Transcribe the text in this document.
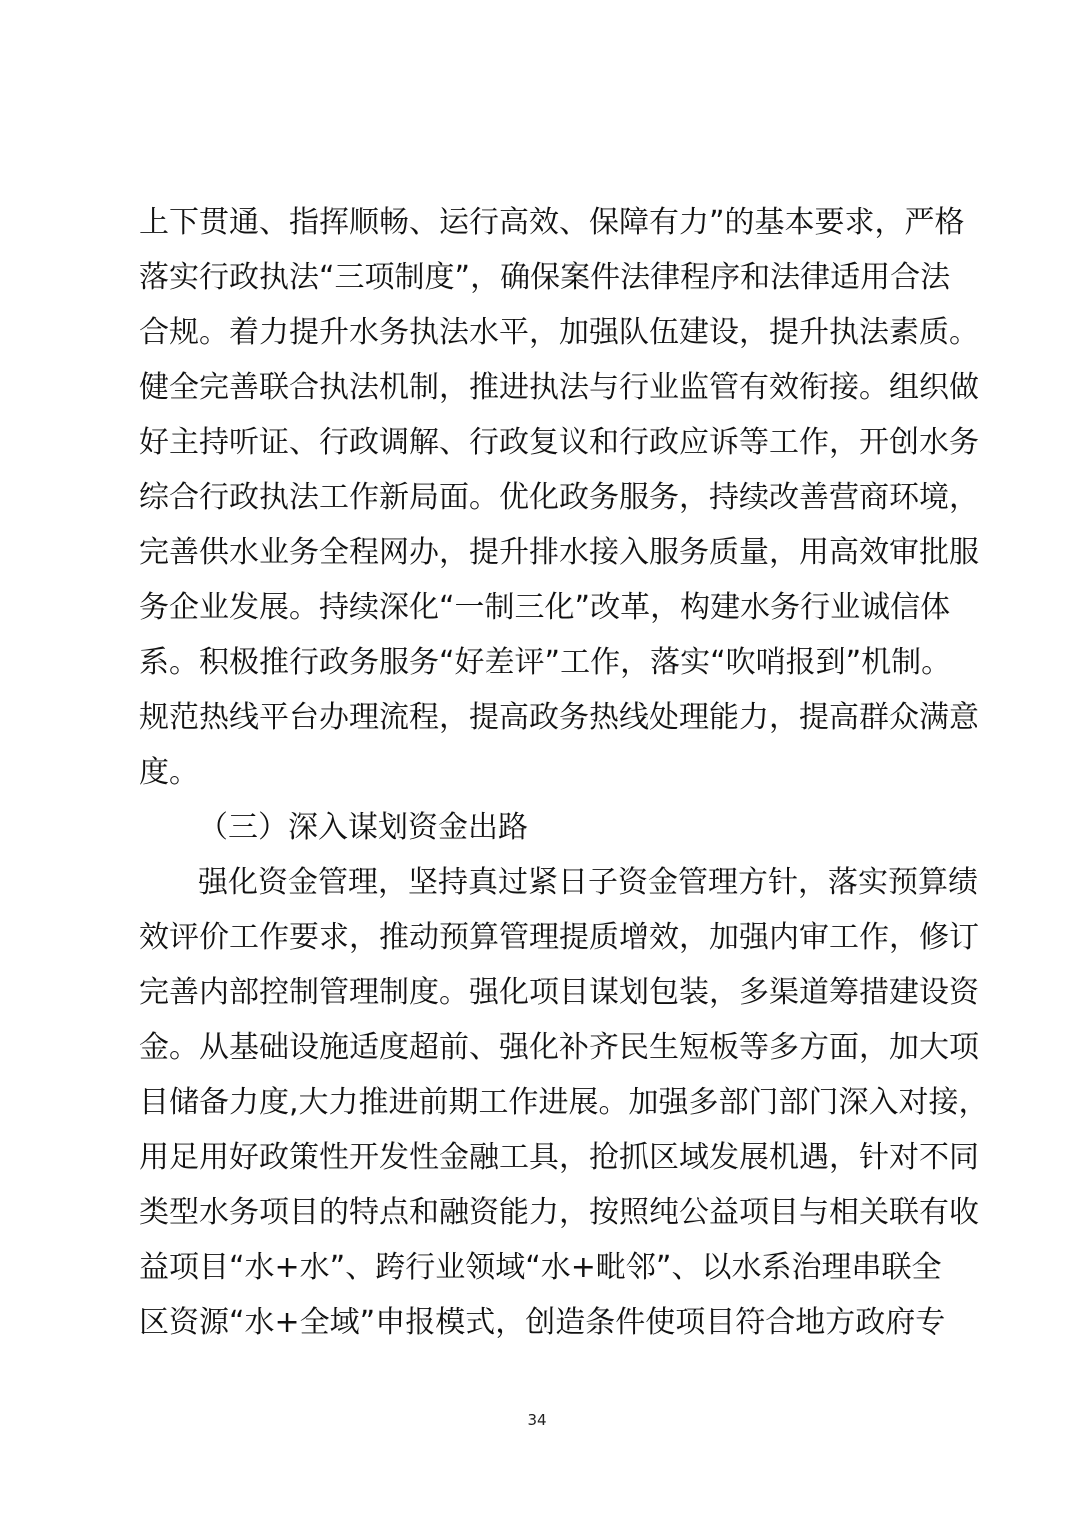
上下贯通、指挥顺畅、运行高效、保障有力”的基本要求，严格
落实行政执法“三项制度”，确保案件法律程序和法律适用合法
合规。着力提升水务执法水平，加强队伍建设，提升执法素质。
健全完善联合执法机制，推进执法与行业监管有效衔接。组织做
好主持听证、行政调解、行政复议和行政应诉等工作，开创水务
综合行政执法工作新局面。优化政务服务，持续改善营商环境，
完善供水业务全程网办，提升排水接入服务质量，用高效审批服
务企业发展。持续深化“一制三化”改革，构建水务行业诚信体
系。积极推行政务服务“好差评”工作，落实“吹哨报到”机制。
规范热线平台办理流程，提高政务热线处理能力，提高群众满意
度。
（三）深入谋划资金出路
强化资金管理，坚持真过紧日子资金管理方针，落实预算绩
效评价工作要求，推动预算管理提质增效，加强内审工作，修订
完善内部控制管理制度。强化项目谋划包装，多渠道筹措建设资
金。从基础设施适度超前、强化补齐民生短板等多方面，加大项
目储备力度,大力推进前期工作进展。加强多部门部门深入对接，
用足用好政策性开发性金融工具，抢抓区域发展机遇，针对不同
类型水务项目的特点和融资能力，按照纯公益项目与相关联有收
益项目“水+水”、跨行业领域“水+毗邻”、以水系治理串联全
区资源“水+全域”申报模式，创造条件使项目符合地方政府专
34
